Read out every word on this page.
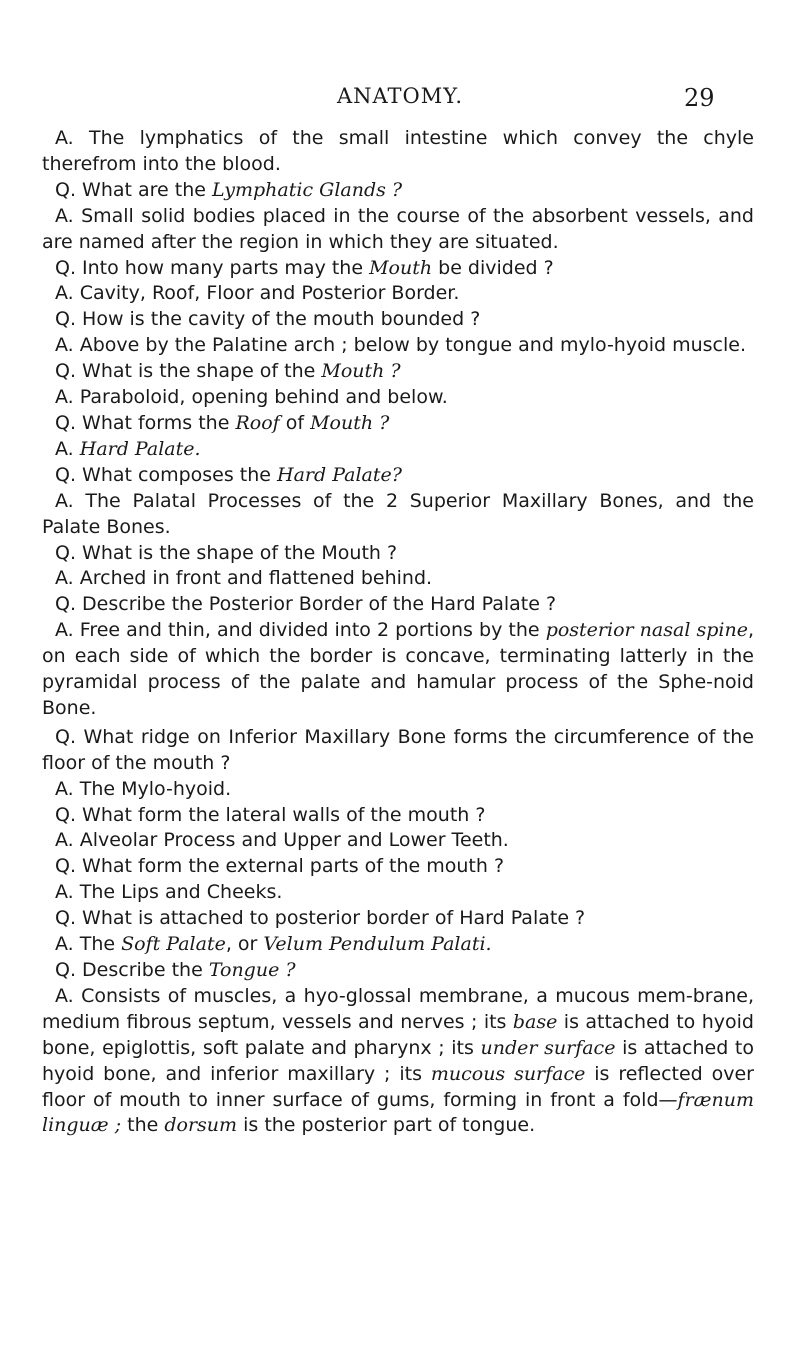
ANATOMY.	29

A. The lymphatics of the small intestine which convey the chyle therefrom into the blood.

Q. What are the Lymphatic Glands ?

A. Small solid bodies placed in the course of the absorbent vessels, and are named after the region in which they are situated.

Q. Into how many parts may the Mouth be divided ?

A. Cavity, Roof, Floor and Posterior Border.

Q. How is the cavity of the mouth bounded ?

A. Above by the Palatine arch ; below by tongue and mylo-hyoid muscle.

Q. What is the shape of the Mouth ?

A. Paraboloid, opening behind and below.

Q. What forms the Roof of Mouth ?

A. Hard Palate.

Q. What composes the Hard Palate?

A. The Palatal Processes of the 2 Superior Maxillary Bones, and the Palate Bones.

Q. What is the shape of the Mouth ?

A. Arched in front and flattened behind.

Q. Describe the Posterior Border of the Hard Palate ?

A. Free and thin, and divided into 2 portions by the posterior nasal spine, on each side of which the border is concave, terminating latterly in the pyramidal process of the palate and hamular process of the Sphe-noid Bone.

Q. What ridge on Inferior Maxillary Bone forms the circumference of the floor of the mouth ?

A. The Mylo-hyoid.

Q. What form the lateral walls of the mouth ?

A. Alveolar Process and Upper and Lower Teeth.

Q. What form the external parts of the mouth ?

A. The Lips and Cheeks.

Q. What is attached to posterior border of Hard Palate ?

A. The Soft Palate, or Velum Pendulum Palati.

Q. Describe the Tongue ?

A. Consists of muscles, a hyo-glossal membrane, a mucous mem-brane, medium fibrous septum, vessels and nerves ; its base is attached to hyoid bone, epiglottis, soft palate and pharynx ; its under surface is attached to hyoid bone, and inferior maxillary ; its mucous surface is reflected over floor of mouth to inner surface of gums, forming in front a fold—frænum linguæ ; the dorsum is the posterior part of tongue.
